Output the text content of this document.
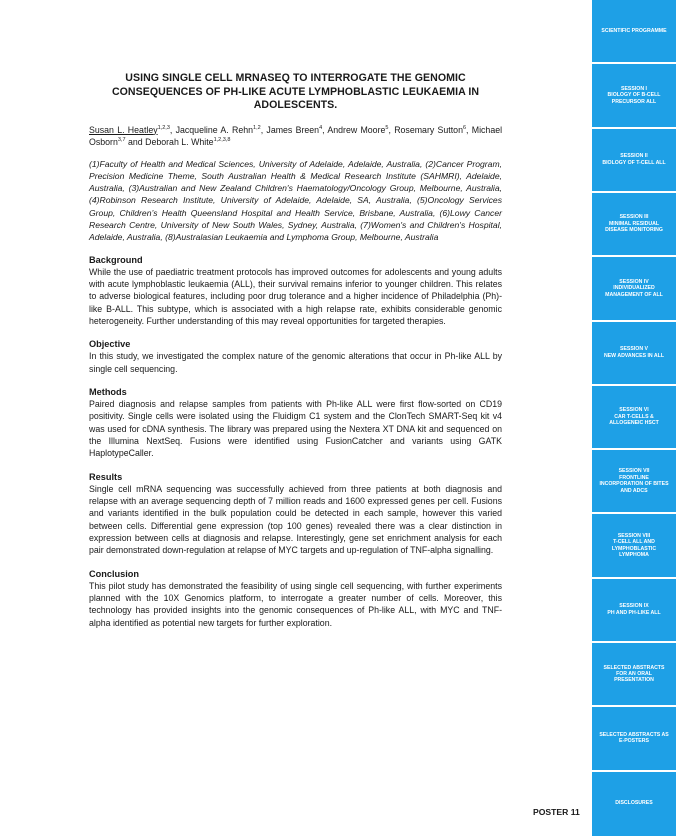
USING SINGLE CELL MRNASEQ TO INTERROGATE THE GENOMIC CONSEQUENCES OF PH-LIKE ACUTE LYMPHOBLASTIC LEUKAEMIA IN ADOLESCENTS.

Susan L. Heatley$^{1,2,3}$, Jacqueline A. Rehn$^{1,2}$, James Breen$^4$, Andrew Moore$^5$, Rosemary Sutton$^6$, Michael Osborn$^{3,7}$ and Deborah L. White$^{1,2,3,8}$

(1)Faculty of Health and Medical Sciences, University of Adelaide, Adelaide, Australia, (2)Cancer Program, Precision Medicine Theme, South Australian Health & Medical Research Institute (SAHMRI), Adelaide, Australia, (3)Australian and New Zealand Children's Haematology/Oncology Group, Melbourne, Australia, (4)Robinson Research Institute, University of Adelaide, Adelaide, SA, Australia, (5)Oncology Services Group, Children’s Health Queensland Hospital and Health Service, Brisbane, Australia, (6)Lowy Cancer Research Centre, University of New South Wales, Sydney, Australia, (7)Women's and Children's Hospital, Adelaide, Australia, (8)Australasian Leukaemia and Lymphoma Group, Melbourne, Australia

Background

While the use of paediatric treatment protocols has improved outcomes for adolescents and young adults with acute lymphoblastic leukaemia (ALL), their survival remains inferior to younger children. This relates to adverse biological features, including poor drug tolerance and a higher incidence of Philadelphia (Ph)-like B-ALL. This subtype, which is associated with a high relapse rate, exhibits considerable genomic heterogeneity. Further understanding of this may reveal opportunities for targeted therapies.

Objective

In this study, we investigated the complex nature of the genomic alterations that occur in Ph-like ALL by single cell sequencing.

Methods

Paired diagnosis and relapse samples from patients with Ph-like ALL were first flow-sorted on CD19 positivity. Single cells were isolated using the Fluidigm C1 system and the ClonTech SMART-Seq kit v4 was used for cDNA synthesis. The library was prepared using the Nextera XT DNA kit and sequenced on the Illumina NextSeq. Fusions were identified using FusionCatcher and variants using GATK HaplotypeCaller.

Results

Single cell mRNA sequencing was successfully achieved from three patients at both diagnosis and relapse with an average sequencing depth of 7 million reads and 1600 expressed genes per cell. Fusions and variants identified in the bulk population could be detected in each sample, however this varied between cells. Differential gene expression (top 100 genes) revealed there was a clear distinction in expression between cells at diagnosis and relapse. Interestingly, gene set enrichment analysis for each pair demonstrated down-regulation at relapse of MYC targets and up-regulation of TNF-alpha signalling.

Conclusion

This pilot study has demonstrated the feasibility of using single cell sequencing, with further experiments planned with the 10X Genomics platform, to interrogate a greater number of cells. Moreover, this technology has provided insights into the genomic consequences of Ph-like ALL, with MYC and TNF-alpha identified as potential new targets for further exploration.

SCIENTIFIC PROGRAMME
SESSION I
BIOLOGY OF B-CELL PRECURSOR ALL
SESSION II
BIOLOGY OF T-CELL ALL
SESSION III
MINIMAL RESIDUAL DISEASE MONITORING
SESSION IV
INDIVIDUALIZED MANAGEMENT OF ALL
SESSION V
NEW ADVANCES IN ALL
SESSION VI
CAR T-CELLS & ALLOGENEIC HSCT
SESSION VII
FRONTLINE INCORPORATION OF BITES AND ADCS
SESSION VIII
T-CELL ALL AND LYMPHOBLASTIC LYMPHOMA
SESSION IX
PH AND PH-LIKE ALL
SELECTED ABSTRACTS FOR AN ORAL PRESENTATION
SELECTED ABSTRACTS AS E-POSTERS
DISCLOSURES
POSTER 11
